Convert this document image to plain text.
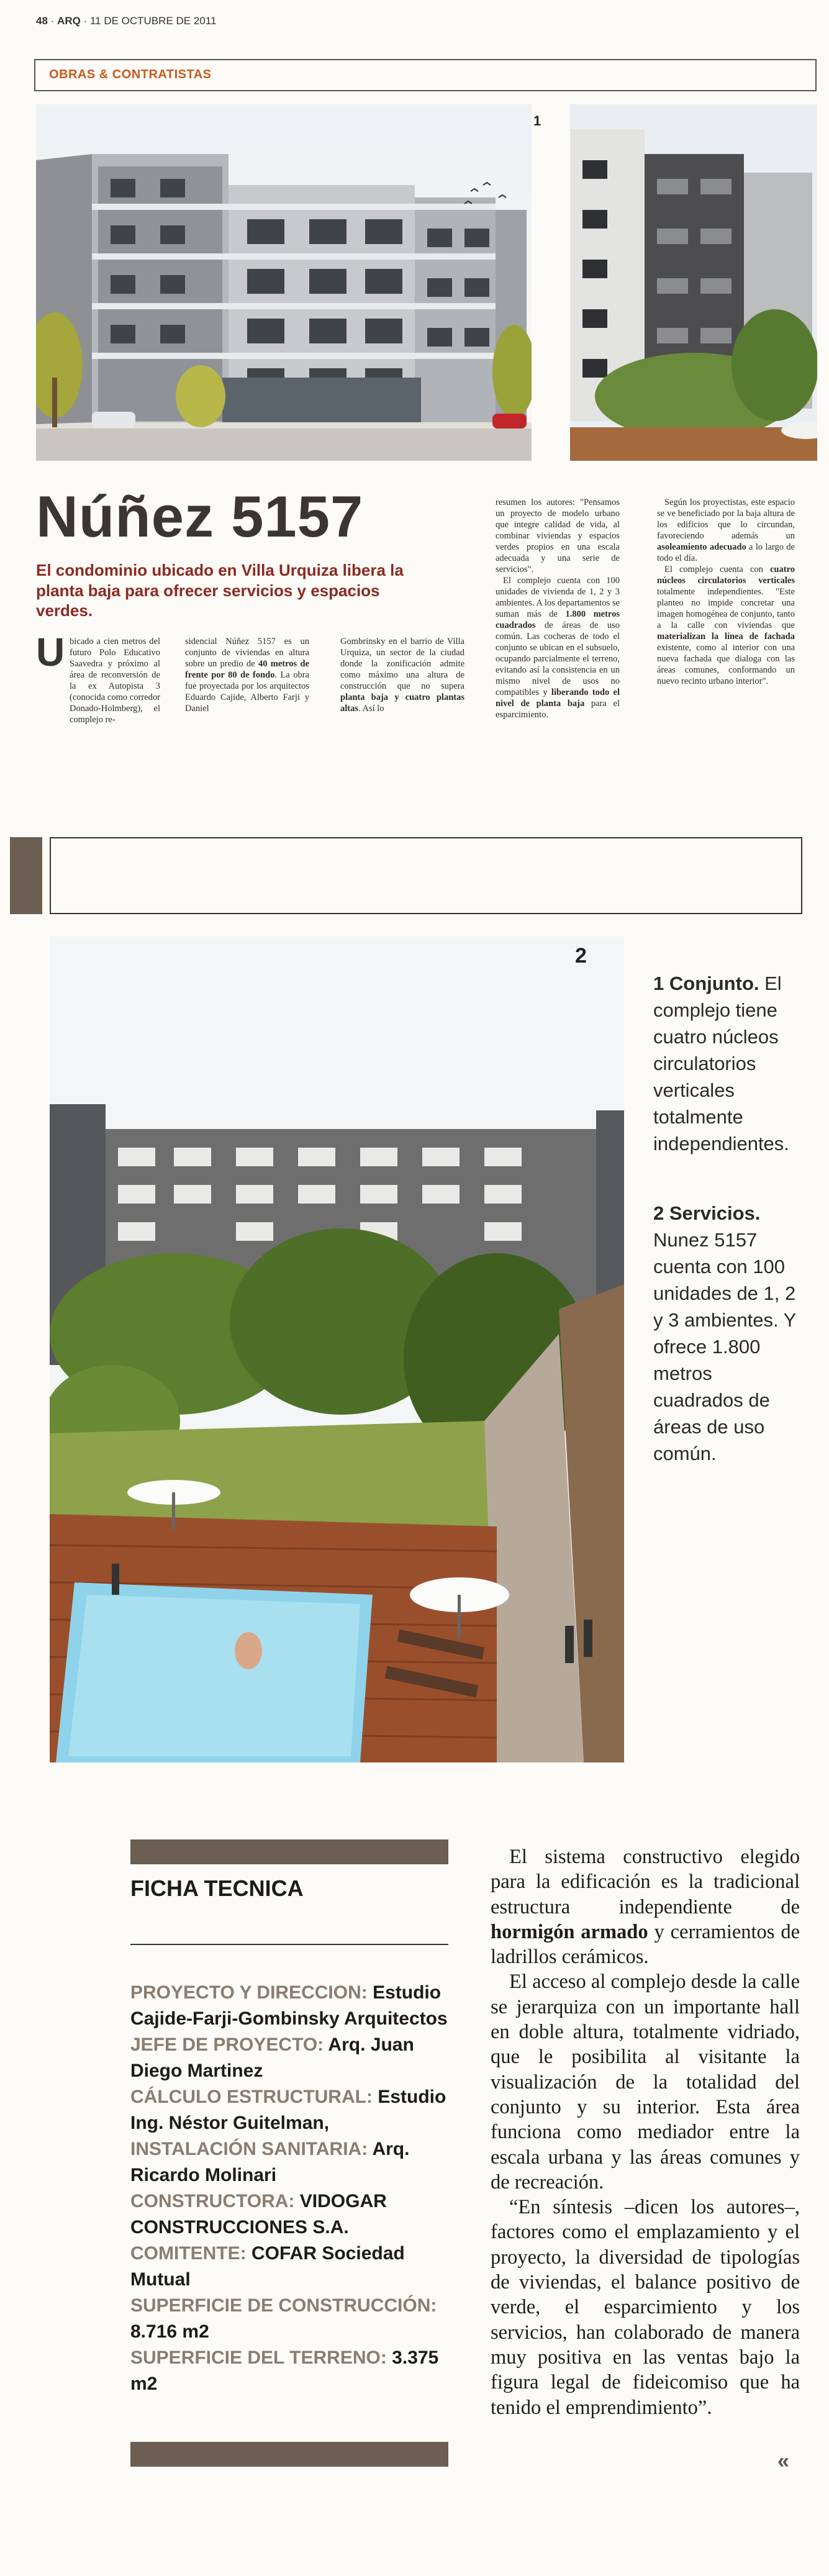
48 · ARQ · 11 DE OCTUBRE DE 2011
OBRAS & CONTRATISTAS
1
Núñez 5157
El condominio ubicado en Villa Urquiza libera la planta baja para ofrecer servicios y espacios verdes.
U bicado a cien metros del futuro Polo Educativo Saavedra y próximo al área de reconversión de la ex Autopista 3 (conocida como corredor Donado-Holmberg), el complejo re-
sidencial Núñez 5157 es un conjunto de viviendas en altura sobre un predio de 40 metros de frente por 80 de fondo. La obra fue proyectada por los arquitectos Eduardo Cajide, Alberto Farji y Daniel
Gombrinsky en el barrio de Villa Urquiza, un sector de la ciudad donde la zonificación admite como máximo una altura de construcción que no supera planta baja y cuatro plantas altas. Así lo
resumen los autores: "Pensamos un proyecto de modelo urbano que integre calidad de vida, al combinar viviendas y espacios verdes propios en una escala adecuada y una serie de servicios".
El complejo cuenta con 100 unidades de vivienda de 1, 2 y 3 ambientes. A los departamentos se suman más de 1.800 metros cuadrados de áreas de uso común. Las cocheras de todo el conjunto se ubican en el subsuelo, ocupando parcialmente el terreno, evitando así la consistencia en un mismo nivel de usos no compatibles y liberando todo el nivel de planta baja para el esparcimiento.
Según los proyectistas, este espacio se ve beneficiado por la baja altura de los edificios que lo circundan, favoreciendo además un asoleamiento adecuado a lo largo de todo el día.
El complejo cuenta con cuatro núcleos circulatorios verticales totalmente independientes. "Este planteo no impide concretar una imagen homogénea de conjunto, tanto a la calle con viviendas que materializan la línea de fachada existente, como al interior con una nueva fachada que dialoga con las áreas comunes, conformando un nuevo recinto urbano interior".
2
1 Conjunto. El complejo tiene cuatro núcleos circulatorios verticales totalmente independientes.
2 Servicios. Nunez 5157 cuenta con 100 unidades de 1, 2 y 3 ambientes. Y ofrece 1.800 metros cuadrados de áreas de uso común.
FICHA TECNICA
PROYECTO Y DIRECCION: Estudio Cajide-Farji-Gombinsky Arquitectos
JEFE DE PROYECTO: Arq. Juan Diego Martinez
CÁLCULO ESTRUCTURAL: Estudio Ing. Néstor Guitelman,
INSTALACIÓN SANITARIA: Arq. Ricardo Molinari
CONSTRUCTORA: VIDOGAR CONSTRUCCIONES S.A.
COMITENTE: COFAR Sociedad Mutual
SUPERFICIE DE CONSTRUCCIÓN: 8.716 m2
SUPERFICIE DEL TERRENO: 3.375 m2

El sistema constructivo elegido para la edificación es la tradicional estructura independiente de hormigón armado y cerramientos de ladrillos cerámicos.

El acceso al complejo desde la calle se jerarquiza con un importante hall en doble altura, totalmente vidriado, que le posibilita al visitante la visualización de la totalidad del conjunto y su interior. Esta área funciona como mediador entre la escala urbana y las áreas comunes y de recreación.

“En síntesis –dicen los autores–, factores como el emplazamiento y el proyecto, la diversidad de tipologías de viviendas, el balance positivo de verde, el esparcimiento y los servicios, han colaborado de manera muy positiva en las ventas bajo la figura legal de fideicomiso que ha tenido el emprendimiento”.

«
